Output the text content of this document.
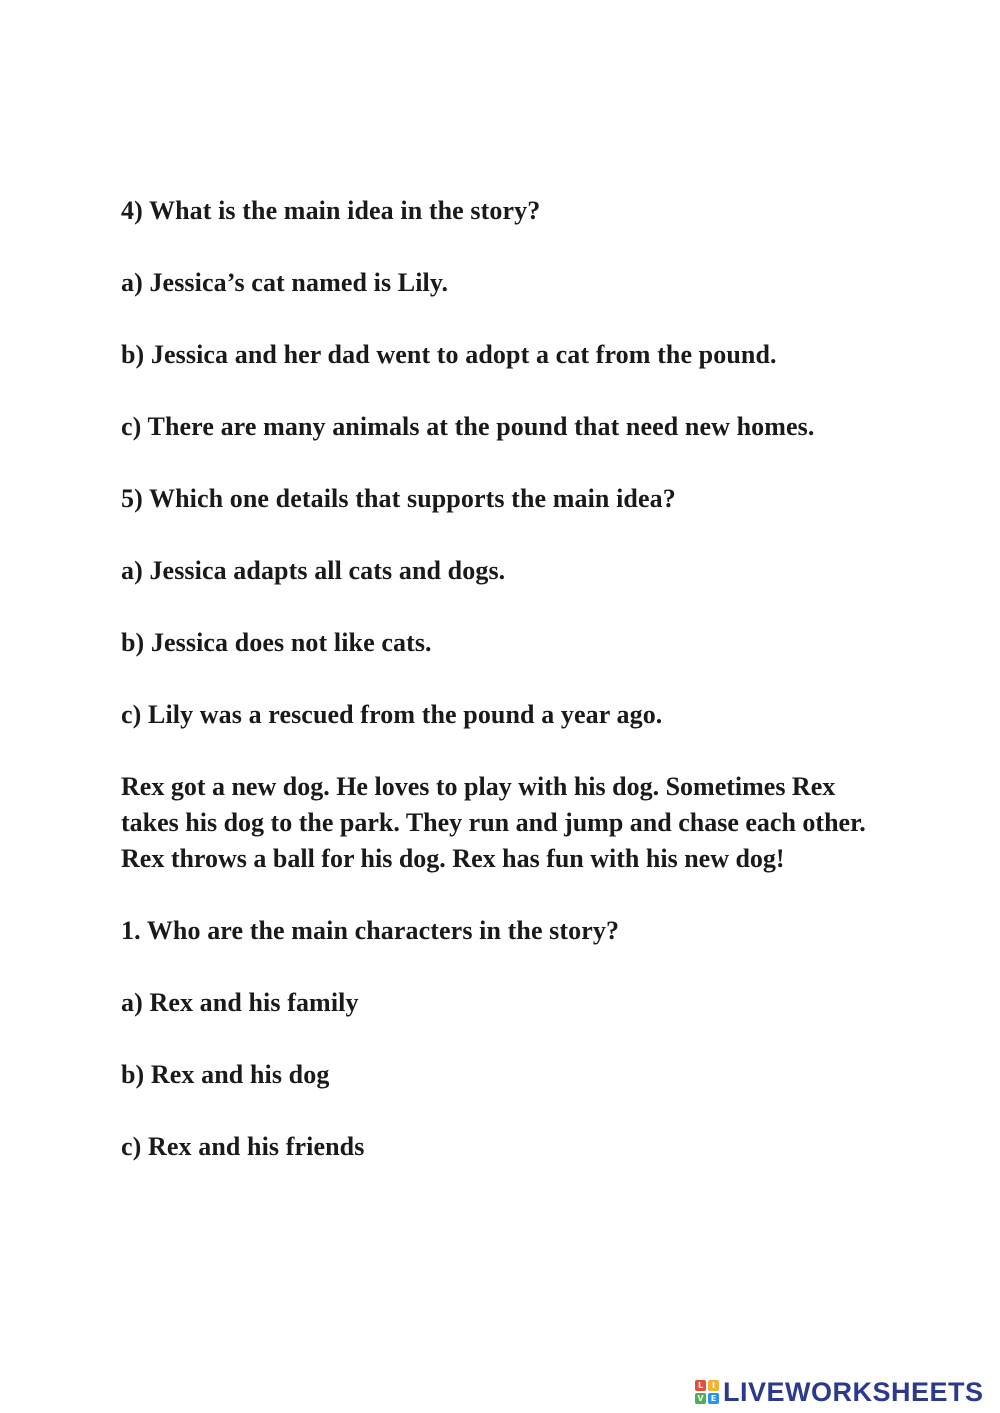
4) What is the main idea in the story?
a) Jessica’s cat named is Lily.
b) Jessica and her dad went to adopt a cat from the pound.
c) There are many animals at the pound that need new homes.
5) Which one details that supports the main idea?
a) Jessica adapts all cats and dogs.
b) Jessica does not like cats.
c) Lily was a rescued from the pound a year ago.
Rex got a new dog. He loves to play with his dog. Sometimes Rex takes his dog to the park. They run and jump and chase each other. Rex throws a ball for his dog. Rex has fun with his new dog!
1. Who are the main characters in the story?
a) Rex and his family
b) Rex and his dog
c) Rex and his friends
L	I
V E LIVEWORKSHEETS
